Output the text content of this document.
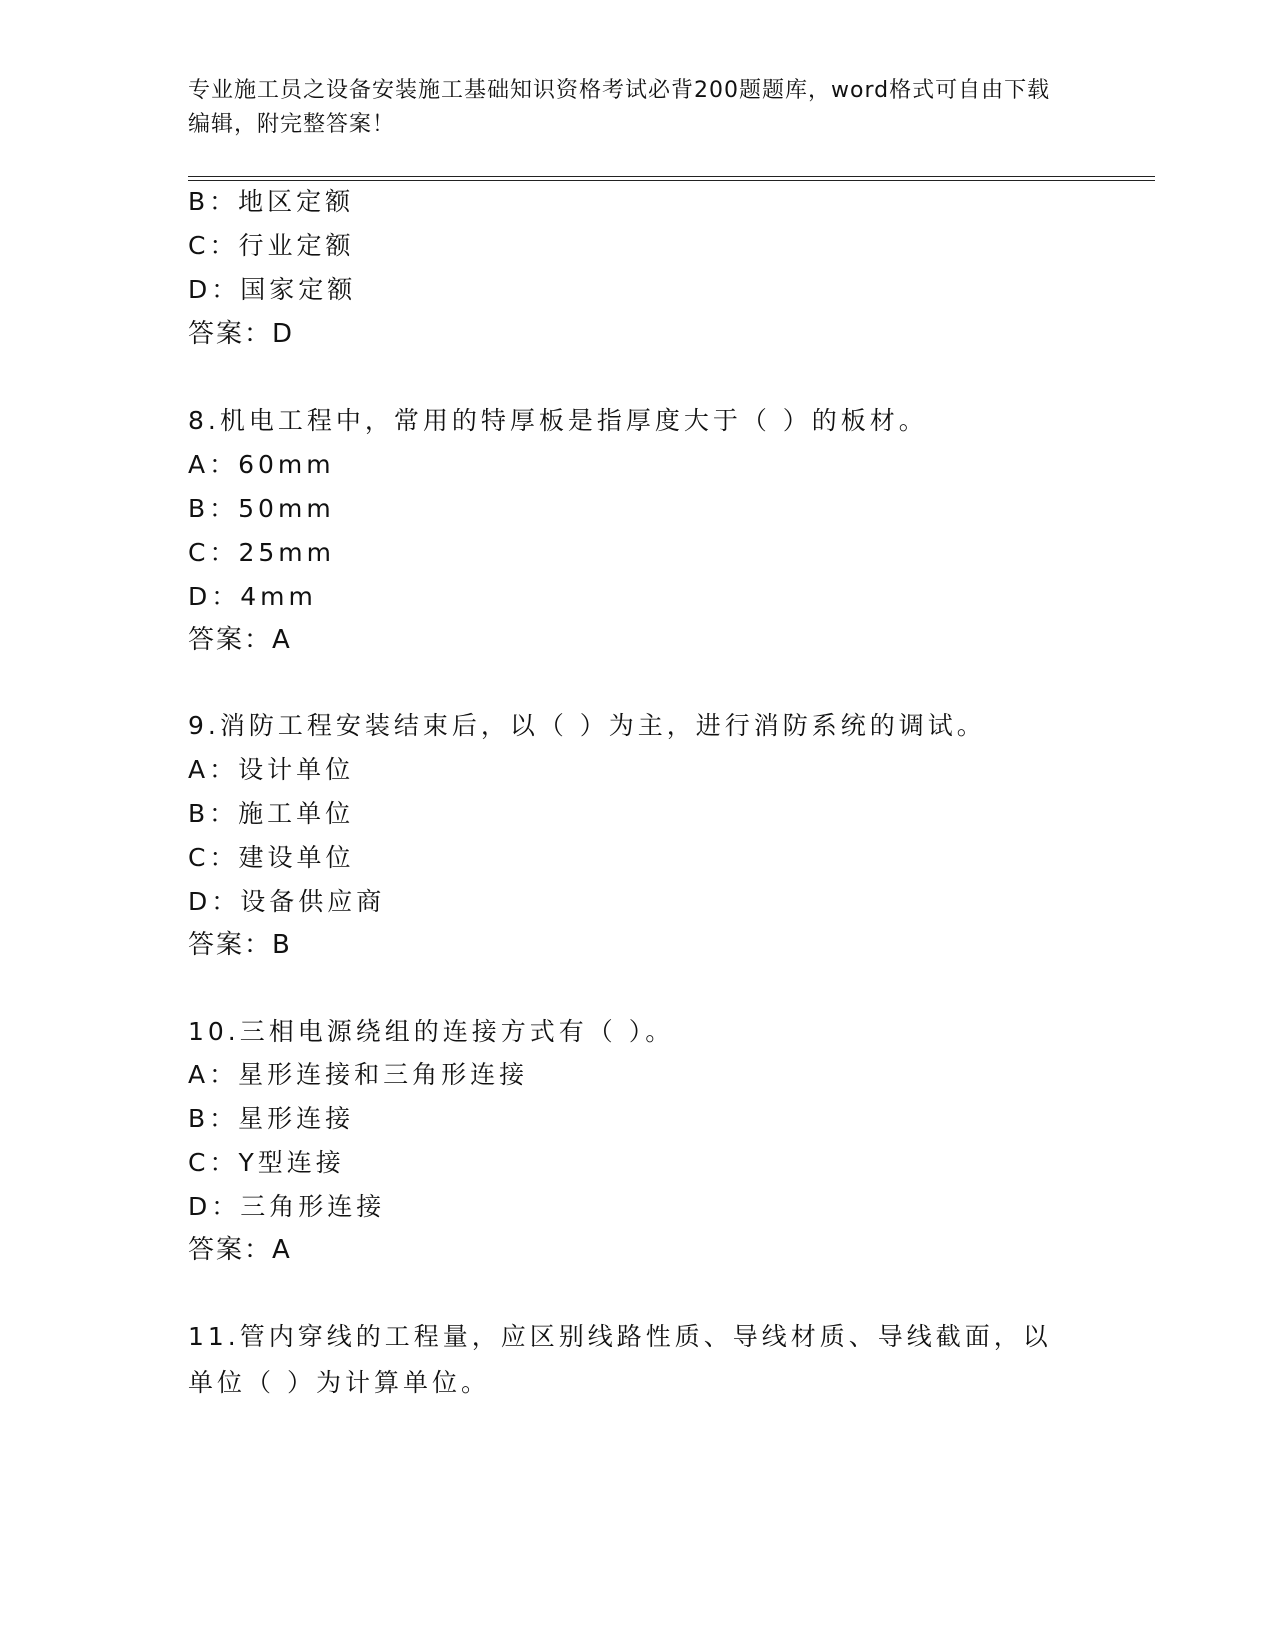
专业施工员之设备安装施工基础知识资格考试必背200题题库，word格式可自由下载编辑，附完整答案！
B：地区定额
C：行业定额
D：国家定额
答案：D
8.机电工程中，常用的特厚板是指厚度大于（ ）的板材。
A：60mm
B：50mm
C：25mm
D：4mm
答案：A
9.消防工程安装结束后，以（ ）为主，进行消防系统的调试。
A：设计单位
B：施工单位
C：建设单位
D：设备供应商
答案：B
10.三相电源绕组的连接方式有（ ）。
A：星形连接和三角形连接
B：星形连接
C：Y型连接
D：三角形连接
答案：A
11.管内穿线的工程量，应区别线路性质、导线材质、导线截面，以单位（ ）为计算单位。
